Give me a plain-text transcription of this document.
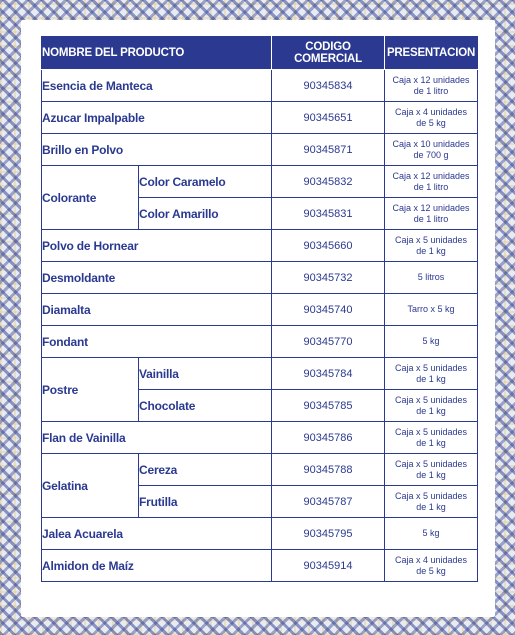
NOMBRE DEL PRODUCTO		CODIGO COMERCIAL	PRESENTACION
Esencia de Manteca		90345834	Caja x 12 unidades
de 1 litro

Azucar Impalpable		90345651	Caja x 4 unidades
de 5 kg

Brillo en Polvo		90345871	Caja x 10 unidades
de 700 g

Colorante	Color Caramelo	90345832	Caja x 12 unidades
de 1 litro

	Color Amarillo	90345831	Caja x 12 unidades
de 1 litro

Polvo de Hornear		90345660	Caja x 5 unidades
de 1 kg

Desmoldante		90345732	5 litros

Diamalta		90345740	Tarro x 5 kg

Fondant		90345770	5 kg

Postre	Vainilla	90345784	Caja x 5 unidades
de 1 kg

	Chocolate	90345785	Caja x 5 unidades
de 1 kg

Flan de Vainilla		90345786	Caja x 5 unidades
de 1 kg

Gelatina	Cereza	90345788	Caja x 5 unidades
de 1 kg

	Frutilla	90345787	Caja x 5 unidades
de 1 kg

Jalea Acuarela		90345795	5 kg

Almidon de Maíz		90345914	Caja x 4 unidades
de 5 kg
